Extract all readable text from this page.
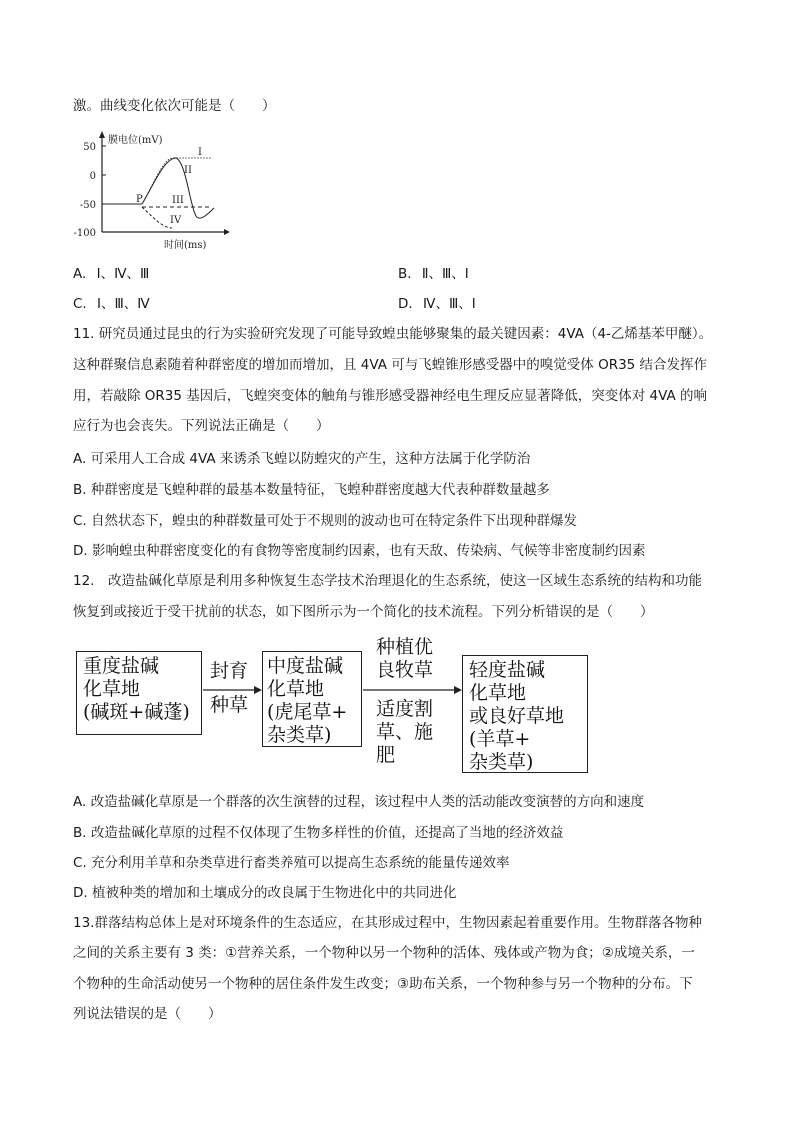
激。曲线变化依次可能是（　　）
膜电位(mV)
时间(ms)
50
0
-50
-100
P
I
II
III
IV
A. Ⅰ、Ⅳ、Ⅲ	B. Ⅱ、Ⅲ、Ⅰ
C. Ⅰ、Ⅲ、Ⅳ	D. Ⅳ、Ⅲ、Ⅰ
11. 研究员通过昆虫的行为实验研究发现了可能导致蝗虫能够聚集的最关键因素：4VA（4-乙烯基苯甲醚）。
这种群聚信息素随着种群密度的增加而增加，且 4VA 可与飞蝗锥形感受器中的嗅觉受体 OR35 结合发挥作
用，若敲除 OR35 基因后，飞蝗突变体的触角与锥形感受器神经电生理反应显著降低，突变体对 4VA 的响
应行为也会丧失。下列说法正确是（　　）
A. 可采用人工合成 4VA 来诱杀飞蝗以防蝗灾的产生，这种方法属于化学防治
B. 种群密度是飞蝗种群的最基本数量特征，飞蝗种群密度越大代表种群数量越多
C. 自然状态下，蝗虫的种群数量可处于不规则的波动也可在特定条件下出现种群爆发
D. 影响蝗虫种群密度变化的有食物等密度制约因素，也有天敌、传染病、气候等非密度制约因素
12.　改造盐碱化草原是利用多种恢复生态学技术治理退化的生态系统，使这一区域生态系统的结构和功能
恢复到或接近于受干扰前的状态，如下图所示为一个简化的技术流程。下列分析错误的是（　　）
重度盐碱
化草地
(碱斑+碱蓬)
封育
种草
中度盐碱
化草地
(虎尾草+
杂类草)
种植优
良牧草
适度割
草、施
肥
轻度盐碱
化草地
或良好草地
(羊草+
杂类草)
A. 改造盐碱化草原是一个群落的次生演替的过程，该过程中人类的活动能改变演替的方向和速度
B. 改造盐碱化草原的过程不仅体现了生物多样性的价值，还提高了当地的经济效益
C. 充分利用羊草和杂类草进行畜类养殖可以提高生态系统的能量传递效率
D. 植被种类的增加和土壤成分的改良属于生物进化中的共同进化
13.群落结构总体上是对环境条件的生态适应，在其形成过程中，生物因素起着重要作用。生物群落各物种
之间的关系主要有 3 类：①营养关系，一个物种以另一个物种的活体、残体或产物为食；②成境关系，一
个物种的生命活动使另一个物种的居住条件发生改变；③助布关系，一个物种参与另一个物种的分布。下
列说法错误的是（　　）
